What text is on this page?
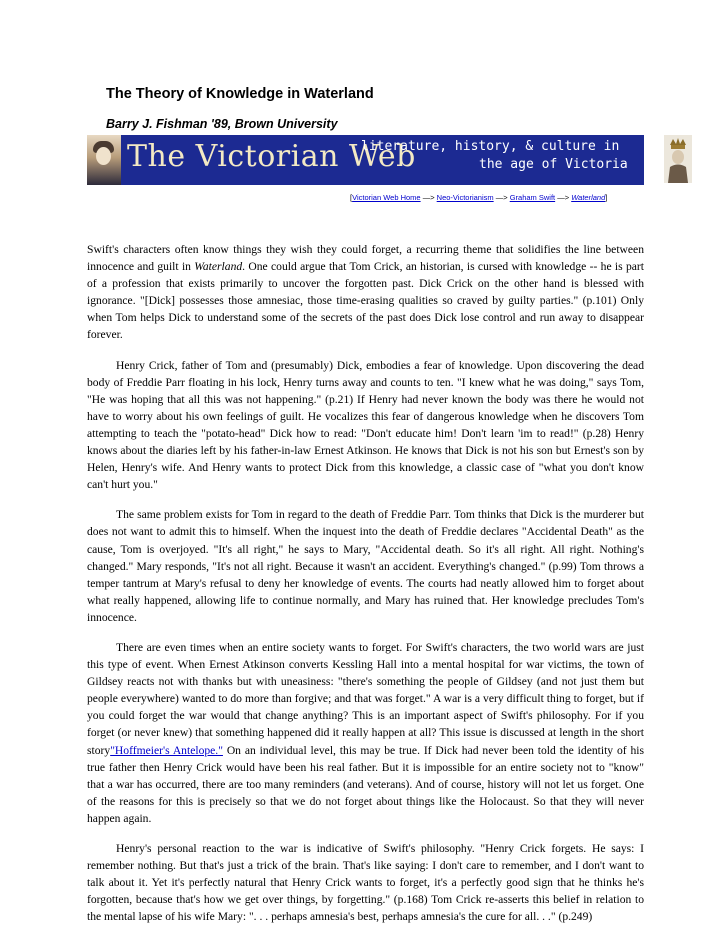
The Theory of Knowledge in Waterland
Barry J. Fishman '89, Brown University
The Victorian Web
literature, history, & culture in
the age of Victoria
[Victorian Web Home —> Neo-Victorianism —> Graham Swift —> Waterland]

Swift's characters often know things they wish they could forget, a recurring theme that solidifies the line between innocence and guilt in Waterland. One could argue that Tom Crick, an historian, is cursed with knowledge -- he is part of a profession that exists primarily to uncover the forgotten past. Dick Crick on the other hand is blessed with ignorance. "[Dick] possesses those amnesiac, those time-erasing qualities so craved by guilty parties." (p.101) Only when Tom helps Dick to understand some of the secrets of the past does Dick lose control and run away to disappear forever.

Henry Crick, father of Tom and (presumably) Dick, embodies a fear of knowledge. Upon discovering the dead body of Freddie Parr floating in his lock, Henry turns away and counts to ten. "I knew what he was doing," says Tom, "He was hoping that all this was not happening." (p.21) If Henry had never known the body was there he would not have to worry about his own feelings of guilt. He vocalizes this fear of dangerous knowledge when he discovers Tom attempting to teach the "potato-head" Dick how to read: "Don't educate him! Don't learn 'im to read!" (p.28) Henry knows about the diaries left by his father-in-law Ernest Atkinson. He knows that Dick is not his son but Ernest's son by Helen, Henry's wife. And Henry wants to protect Dick from this knowledge, a classic case of "what you don't know can't hurt you."

The same problem exists for Tom in regard to the death of Freddie Parr. Tom thinks that Dick is the murderer but does not want to admit this to himself. When the inquest into the death of Freddie declares "Accidental Death" as the cause, Tom is overjoyed. "It's all right," he says to Mary, "Accidental death. So it's all right. All right. Nothing's changed." Mary responds, "It's not all right. Because it wasn't an accident. Everything's changed." (p.99) Tom throws a temper tantrum at Mary's refusal to deny her knowledge of events. The courts had neatly allowed him to forget about what really happened, allowing life to continue normally, and Mary has ruined that. Her knowledge precludes Tom's innocence.

There are even times when an entire society wants to forget. For Swift's characters, the two world wars are just this type of event. When Ernest Atkinson converts Kessling Hall into a mental hospital for war victims, the town of Gildsey reacts not with thanks but with uneasiness: "there's something the people of Gildsey (and not just them but people everywhere) wanted to do more than forgive; and that was forget." A war is a very difficult thing to forget, but if you could forget the war would that change anything? This is an important aspect of Swift's philosophy. For if you forget (or never knew) that something happened did it really happen at all? This issue is discussed at length in the short story"Hoffmeier's Antelope." On an individual level, this may be true. If Dick had never been told the identity of his true father then Henry Crick would have been his real father. But it is impossible for an entire society not to "know" that a war has occurred, there are too many reminders (and veterans). And of course, history will not let us forget. One of the reasons for this is precisely so that we do not forget about things like the Holocaust. So that they will never happen again.

Henry's personal reaction to the war is indicative of Swift's philosophy. "Henry Crick forgets. He says: I remember nothing. But that's just a trick of the brain. That's like saying: I don't care to remember, and I don't want to talk about it. Yet it's perfectly natural that Henry Crick wants to forget, it's a perfectly good sign that he thinks he's forgotten, because that's how we get over things, by forgetting." (p.168) Tom Crick re-asserts this belief in relation to the mental lapse of his wife Mary: ". . . perhaps amnesia's best, perhaps amnesia's the cure for all. . ." (p.249)
